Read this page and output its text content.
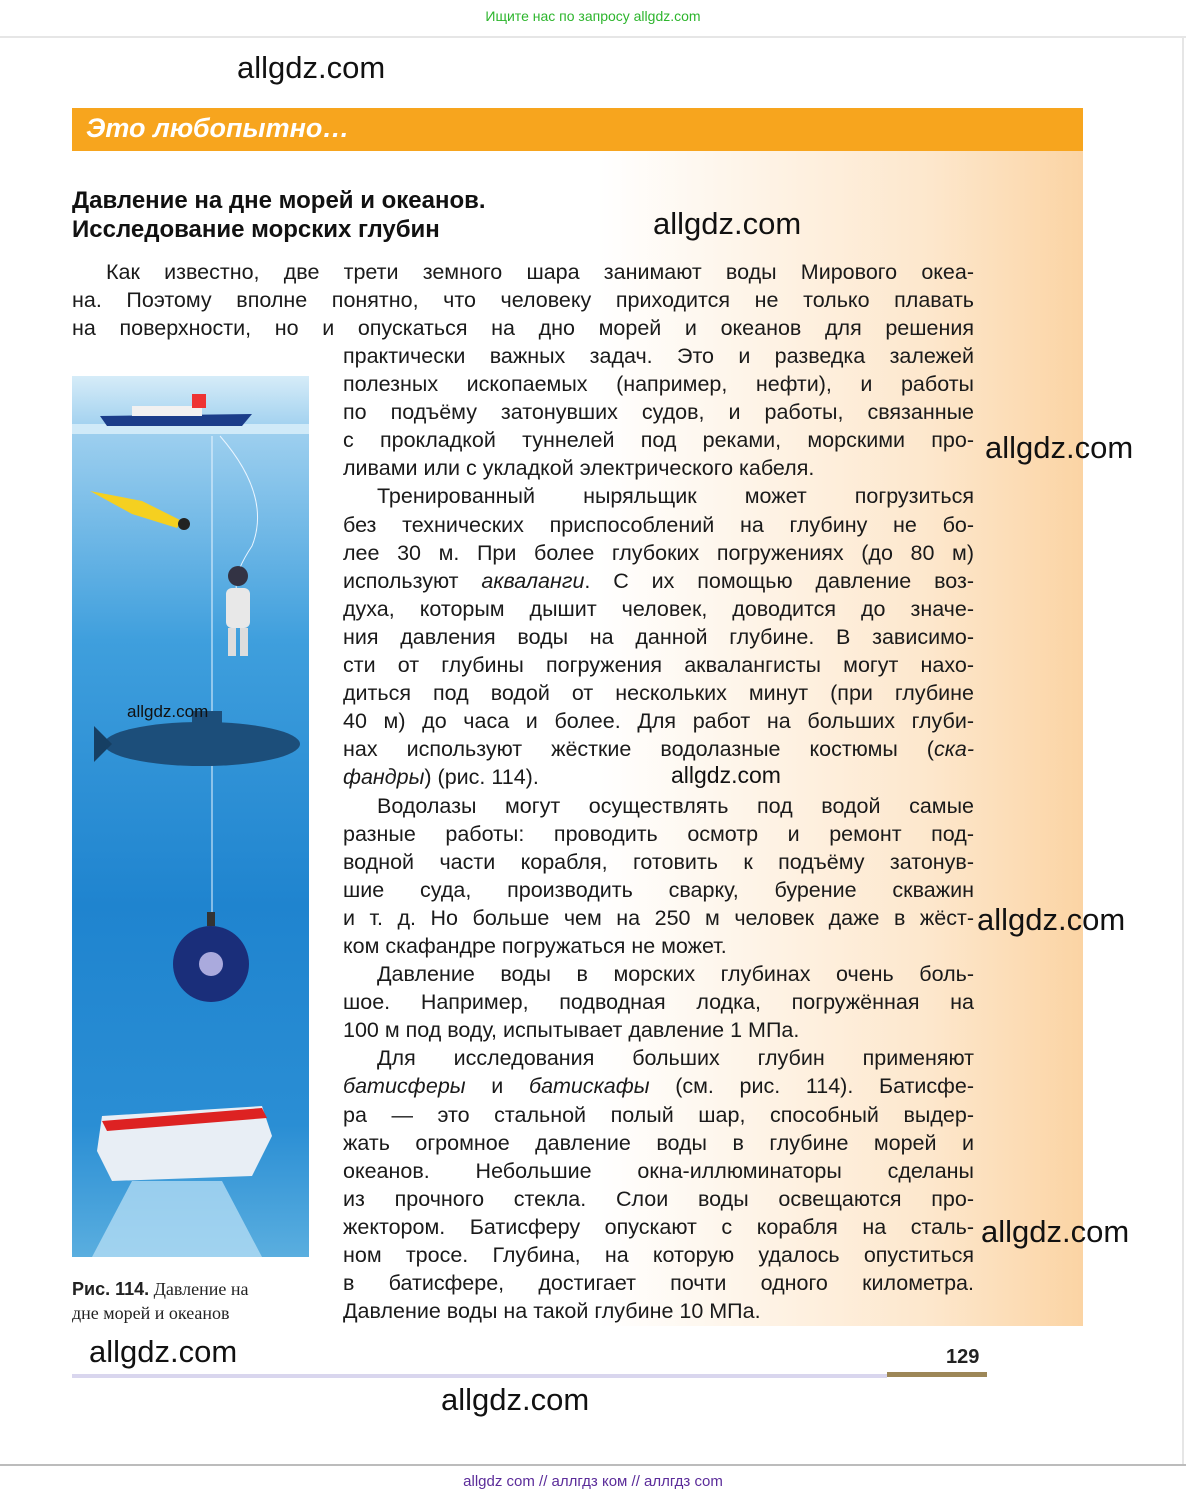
Ищите нас по запросу allgdz.com
Это любопытно…
Давление на дне морей и океанов.
Исследование морских глубин
Как известно, две трети земного шара занимают воды Мирового океа-
на. Поэтому вполне понятно, что человеку приходится не только плавать
на поверхности, но и опускаться на дно морей и океанов для решения
практически важных задач. Это и разведка залежей
полезных ископаемых (например, нефти), и работы
по подъёму затонувших судов, и работы, связанные
с прокладкой туннелей под реками, морскими про-
ливами или с укладкой электрического кабеля.
Тренированный ныряльщик может погрузиться
без технических приспособлений на глубину не бо-
лее 30 м. При более глубоких погружениях (до 80 м)
используют акваланги. С их помощью давление воз-
духа, которым дышит человек, доводится до значе-
ния давления воды на данной глубине. В зависимо-
сти от глубины погружения аквалангисты могут нахо-
диться под водой от нескольких минут (при глубине
40 м) до часа и более. Для работ на больших глуби-
нах используют жёсткие водолазные костюмы (ска-
фандры) (рис. 114).
Водолазы могут осуществлять под водой самые
разные работы: проводить осмотр и ремонт под-
водной части корабля, готовить к подъёму затонув-
шие суда, производить сварку, бурение скважин
и т. д. Но больше чем на 250 м человек даже в жёст-
ком скафандре погружаться не может.
Давление воды в морских глубинах очень боль-
шое. Например, подводная лодка, погружённая на
100 м под воду, испытывает давление 1 МПа.
Для исследования больших глубин применяют
батисферы и батискафы (см. рис. 114). Батисфе-
ра — это стальной полый шар, способный выдер-
жать огромное давление воды в глубине морей и
океанов. Небольшие окна-иллюминаторы сделаны
из прочного стекла. Слои воды освещаются про-
жектором. Батисферу опускают с корабля на сталь-
ном тросе. Глубина, на которую удалось опуститься
в батисфере, достигает почти одного километра.
Давление воды на такой глубине 10 МПа.
allgdz.com
Рис. 114. Давление на
дне морей и океанов
129
allgdz.com
allgdz.com
allgdz.com
allgdz.com
allgdz.com
allgdz.com
allgdz.com
allgdz.com
allgdz com // аллгдз ком // аллгдз com
